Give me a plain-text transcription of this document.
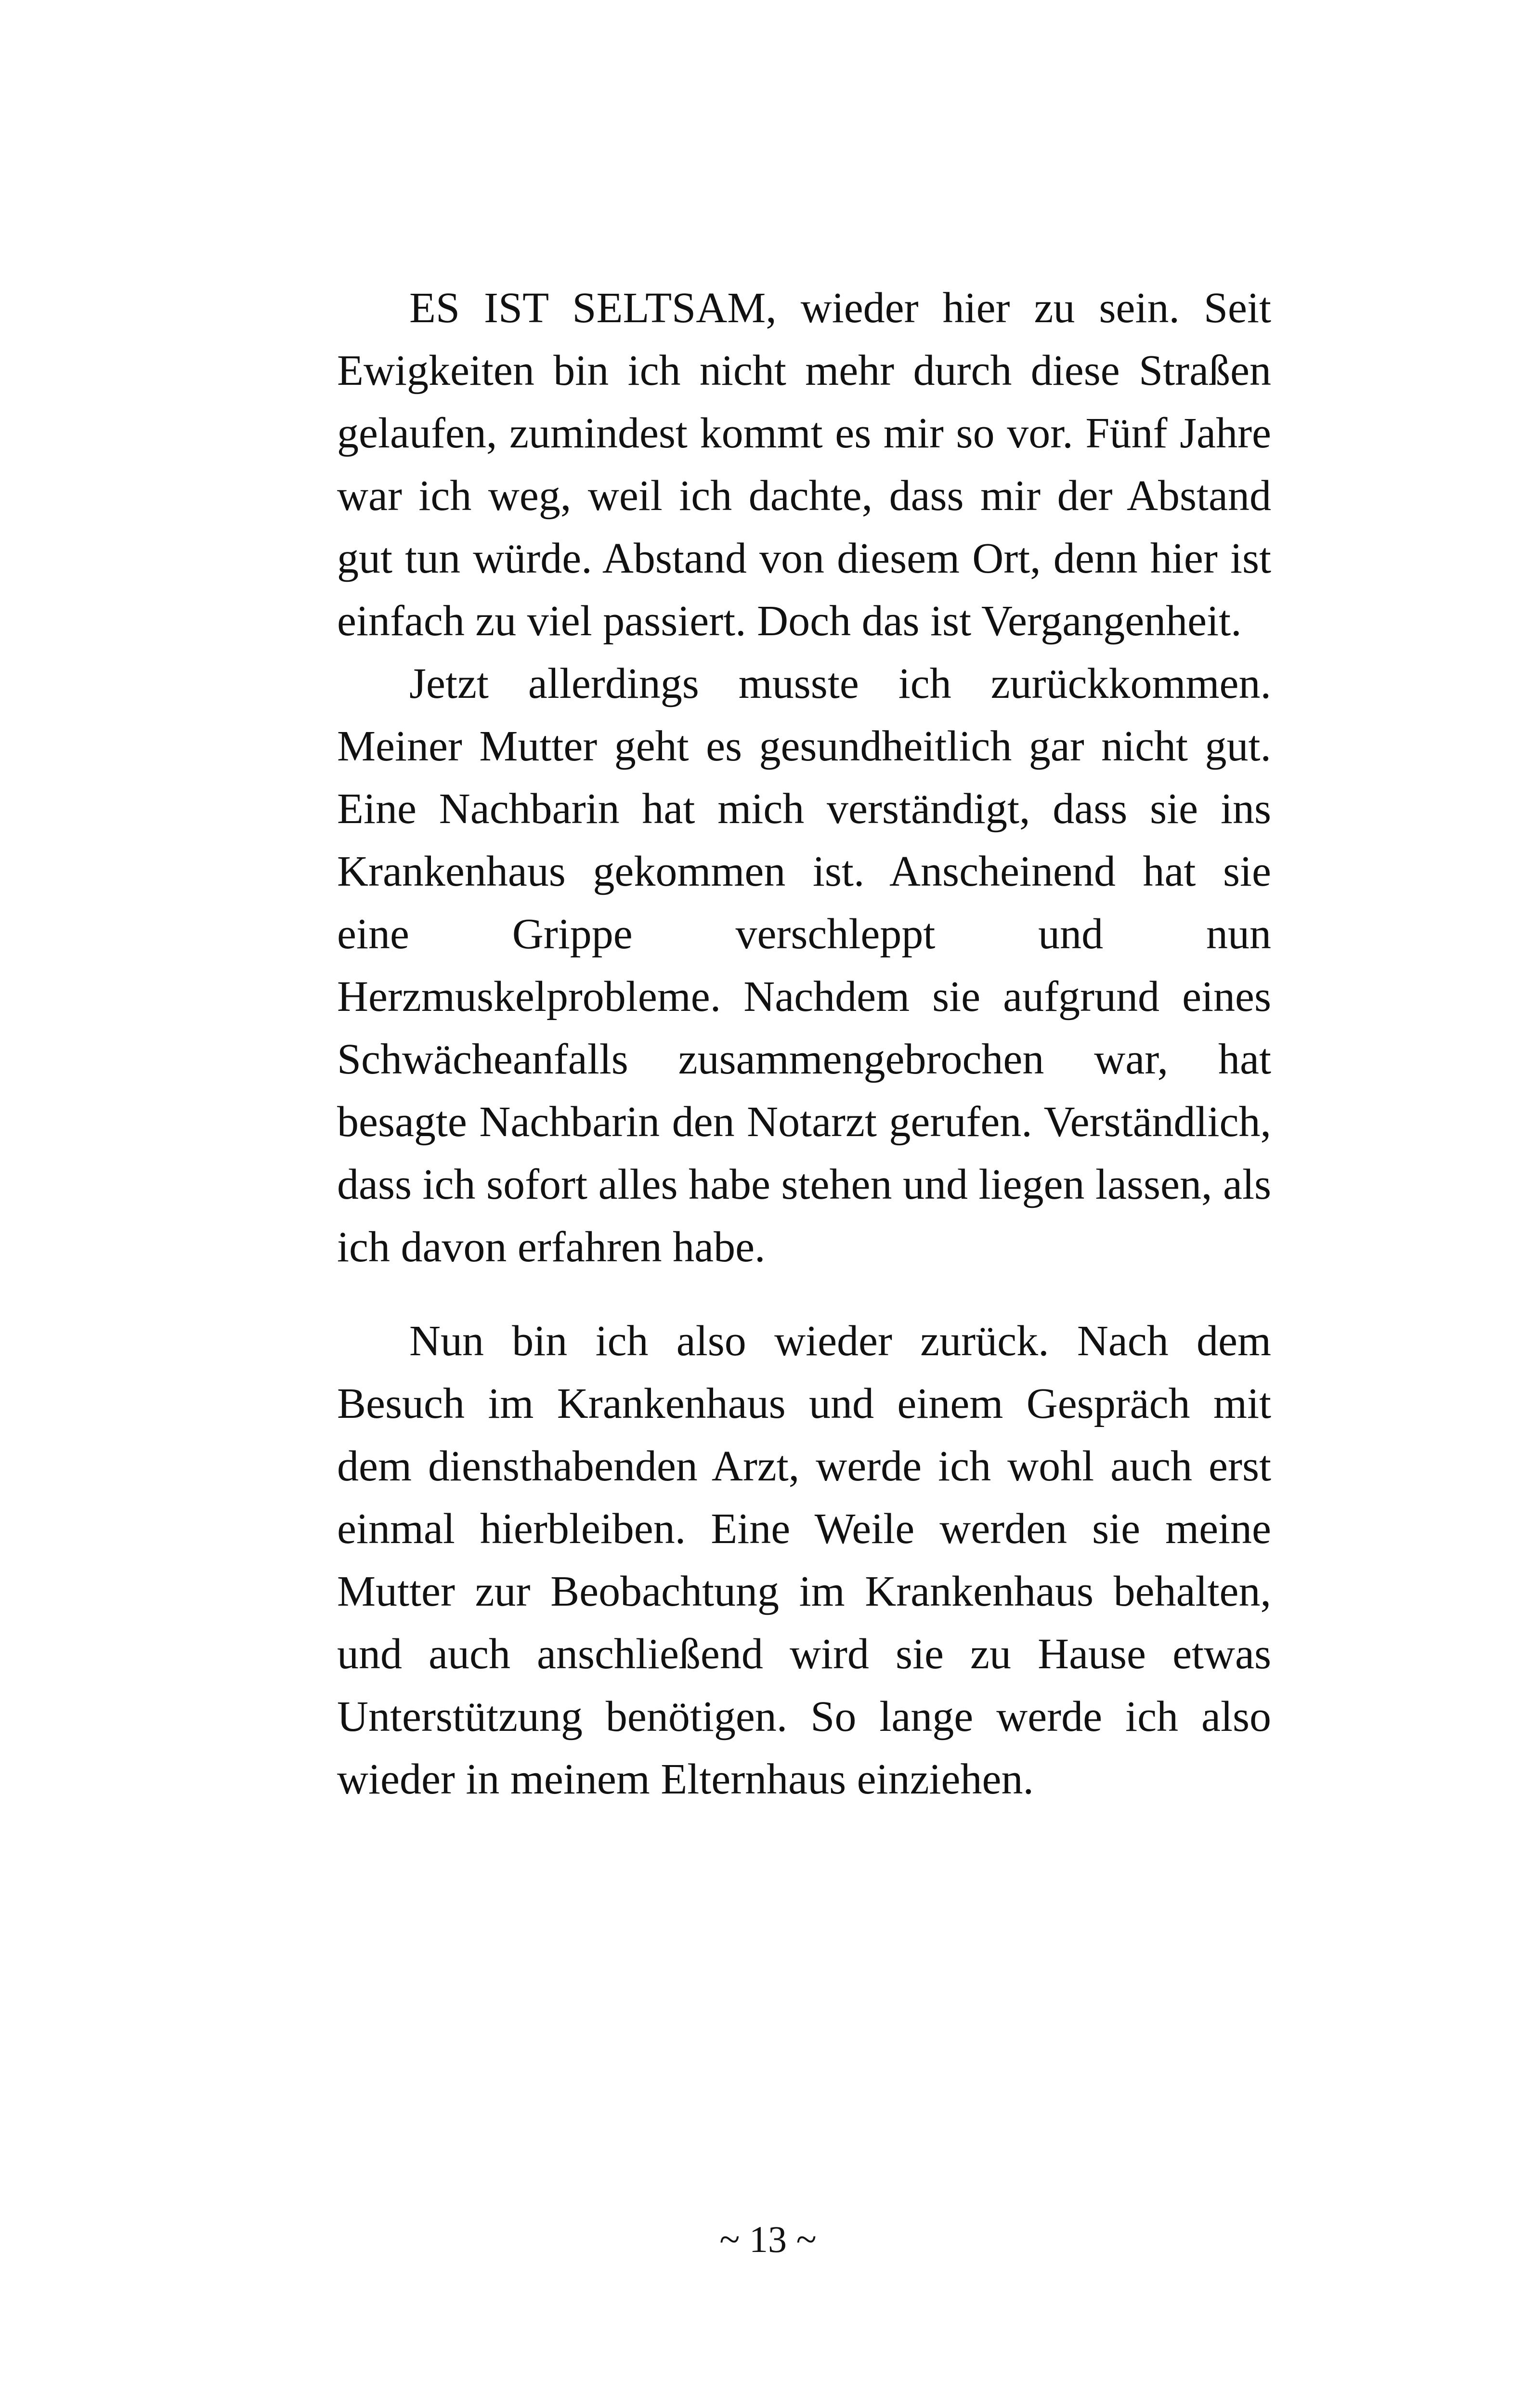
ES IST SELTSAM, wieder hier zu sein. Seit Ewigkeiten bin ich nicht mehr durch diese Straßen gelaufen, zumindest kommt es mir so vor. Fünf Jahre war ich weg, weil ich dachte, dass mir der Abstand gut tun würde. Abstand von diesem Ort, denn hier ist einfach zu viel passiert. Doch das ist Vergangenheit.

Jetzt allerdings musste ich zurückkommen. Meiner Mutter geht es gesundheitlich gar nicht gut. Eine Nachbarin hat mich verständigt, dass sie ins Krankenhaus gekommen ist. Anscheinend hat sie eine Grippe verschleppt und nun Herzmuskelprobleme. Nachdem sie aufgrund eines Schwächeanfalls zusammengebrochen war, hat besagte Nachbarin den Notarzt gerufen. Verständlich, dass ich sofort alles habe stehen und liegen lassen, als ich davon erfahren habe.

Nun bin ich also wieder zurück. Nach dem Besuch im Krankenhaus und einem Gespräch mit dem diensthabenden Arzt, werde ich wohl auch erst einmal hierbleiben. Eine Weile werden sie meine Mutter zur Beobachtung im Krankenhaus behalten, und auch anschließend wird sie zu Hause etwas Unterstützung benötigen. So lange werde ich also wieder in meinem Elternhaus einziehen.

~ 13 ~
